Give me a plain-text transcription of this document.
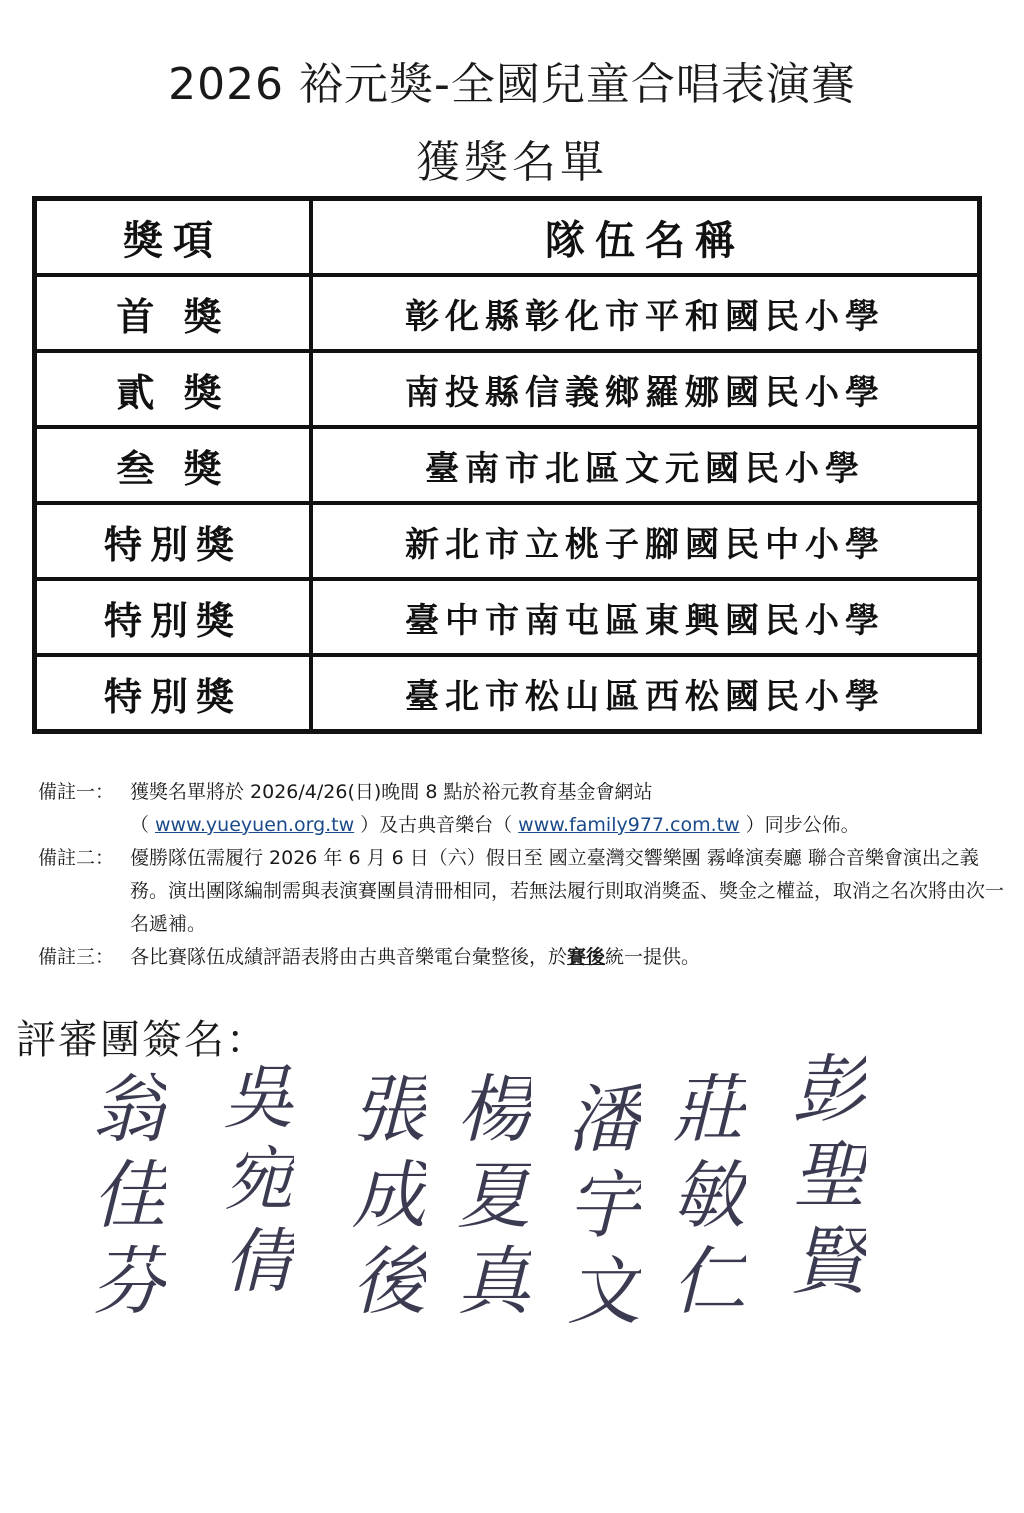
2026 裕元獎-全國兒童合唱表演賽
獲獎名單
獎項	隊伍名稱
首 獎	彰化縣彰化市平和國民小學
貳 獎	南投縣信義鄉羅娜國民小學
叁 獎	臺南市北區文元國民小學
特別獎	新北市立桃子腳國民中小學
特別獎	臺中市南屯區東興國民小學
特別獎	臺北市松山區西松國民小學
備註一： 獲獎名單將於 2026/4/26(日)晚間 8 點於裕元教育基金會網站
（ www.yueyuen.org.tw ）及古典音樂台（ www.family977.com.tw ）同步公佈。
備註二： 優勝隊伍需履行 2026 年 6 月 6 日（六）假日至 國立臺灣交響樂團 霧峰演奏廳 聯合音樂會演出之義務。演出團隊編制需與表演賽團員清冊相同，若無法履行則取消獎盃、獎金之權益，取消之名次將由次一名遞補。
備註三： 各比賽隊伍成績評語表將由古典音樂電台彙整後，於賽後統一提供。
評審團簽名：
翁佳芬 吳宛倩 張成後 楊夏真 潘宇文 莊敏仁 彭聖賢
